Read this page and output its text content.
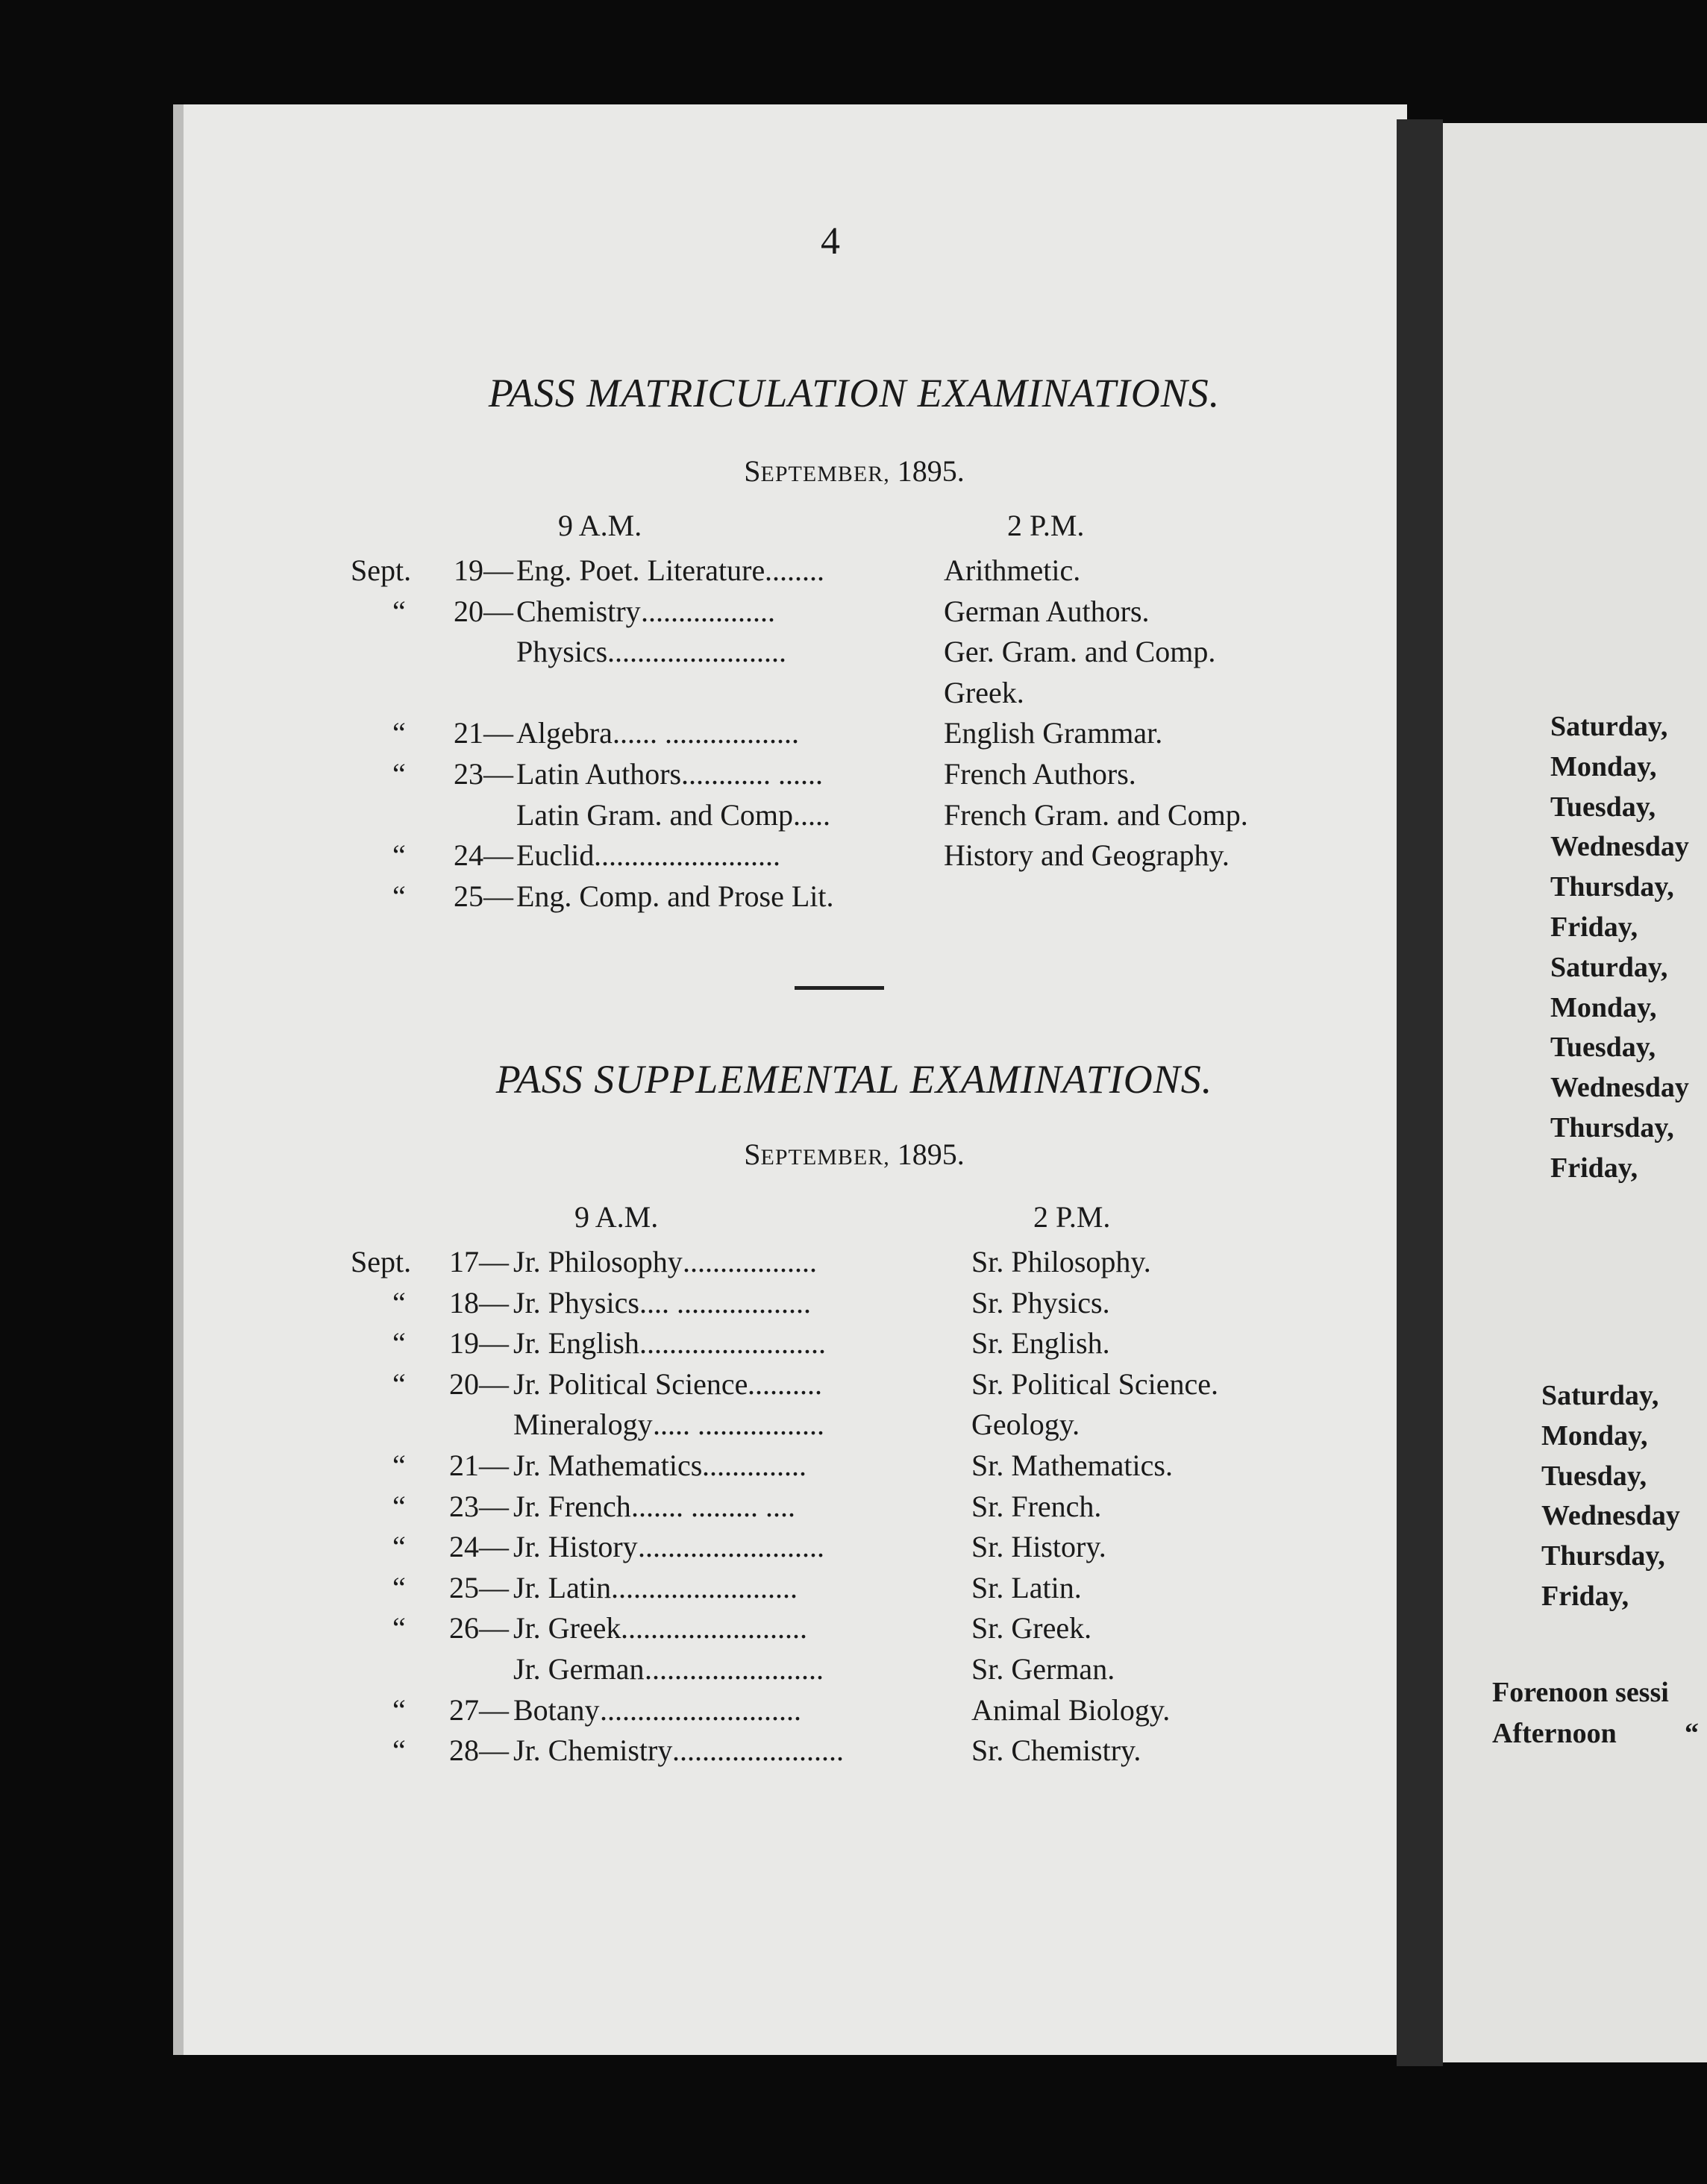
4
PASS MATRICULATION EXAMINATIONS.
SEPTEMBER, 1895.
9 A.M.	2 P.M.
Sept. 19— Eng. Poet. Literature ........	Arithmetic.
“ 20— Chemistry ..................	German Authors.
Physics ........................	Ger. Gram. and Comp.
Greek.
“ 21— Algebra ...... ..................	English Grammar.
“ 23— Latin Authors ............ ......	French Authors.
Latin Gram. and Comp .....	French Gram. and Comp.
“ 24— Euclid .........................	History and Geography.
“ 25— Eng. Comp. and Prose Lit.
PASS SUPPLEMENTAL EXAMINATIONS.
SEPTEMBER, 1895.
9 A.M.	2 P.M.
Sept. 17— Jr. Philosophy ..................	Sr. Philosophy.
“ 18— Jr. Physics .... ..................	Sr. Physics.
“ 19— Jr. English .........................	Sr. English.
“ 20— Jr. Political Science ..........	Sr. Political Science.
Mineralogy ..... .................	Geology.
“ 21— Jr. Mathematics ..............	Sr. Mathematics.
“ 23— Jr. French ....... ......... ....	Sr. French.
“ 24— Jr. History .........................	Sr. History.
“ 25— Jr. Latin .........................	Sr. Latin.
“ 26— Jr. Greek .........................	Sr. Greek.
Jr. German ........................	Sr. German.
“ 27— Botany ...........................	Animal Biology.
“ 28— Jr. Chemistry .......................	Sr. Chemistry.
Saturday,
Monday,
Tuesday,
Wednesday
Thursday,
Friday,
Saturday,
Monday,
Tuesday,
Wednesday
Thursday,
Friday,
Saturday,
Monday,
Tuesday,
Wednesday
Thursday,
Friday,
Forenoon sessi
Afternoon “
